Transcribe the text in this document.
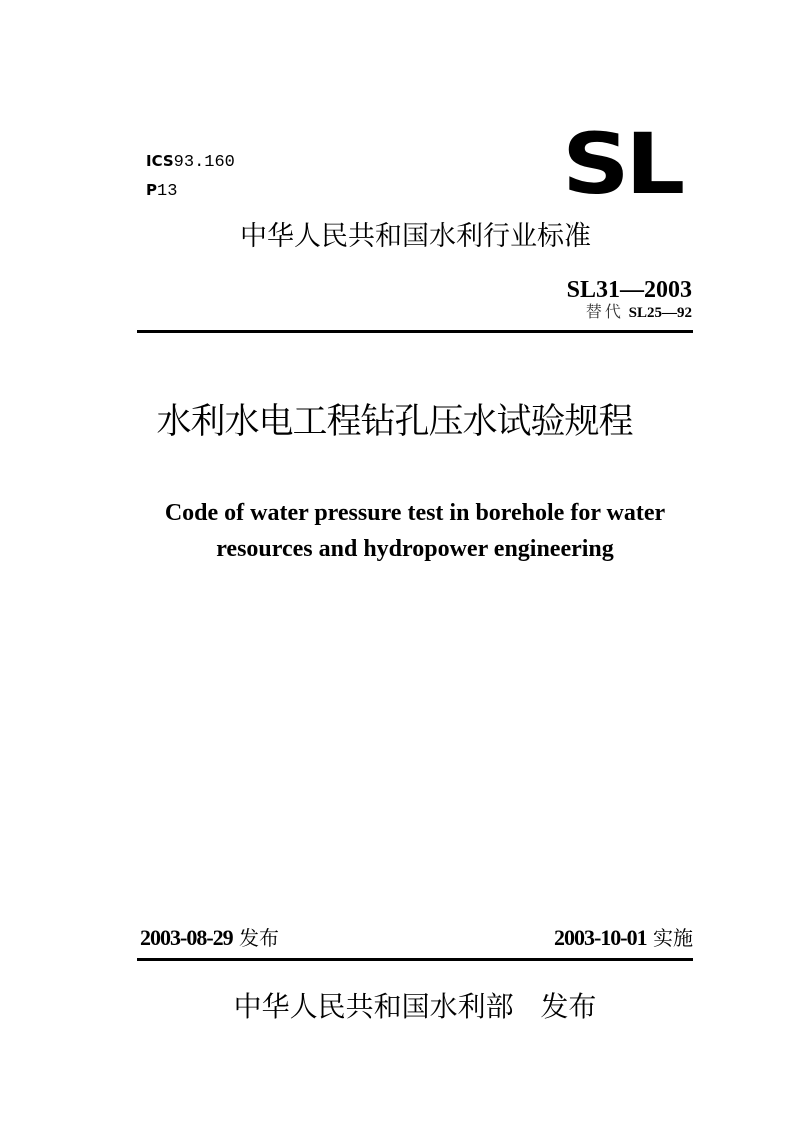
ICS93.160
P13	SL
中华人民共和国水利行业标准
SL31—2003
替代 SL25—92
水利水电工程钻孔压水试验规程
Code of water pressure test in borehole for water
resources and hydropower engineering
2003-08-29 发布	2003-10-01 实施
中华人民共和国水利部 发布
